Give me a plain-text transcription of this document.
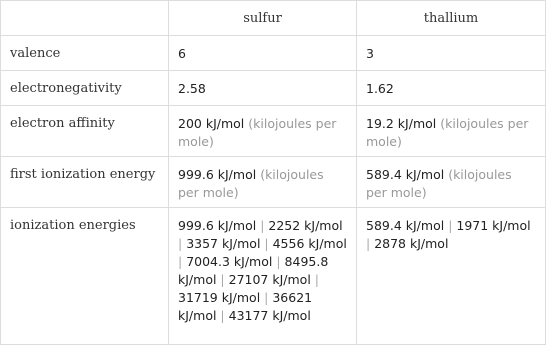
	sulfur	thallium
valence	6	3
electronegativity	2.58	1.62
electron affinity	200 kJ/mol (kilojoules per mole)	19.2 kJ/mol (kilojoules per mole)
first ionization energy	999.6 kJ/mol (kilojoules per mole)	589.4 kJ/mol (kilojoules per mole)
ionization energies	999.6 kJ/mol | 2252 kJ/mol | 3357 kJ/mol | 4556 kJ/mol | 7004.3 kJ/mol | 8495.8 kJ/mol | 27107 kJ/mol | 31719 kJ/mol | 36621 kJ/mol | 43177 kJ/mol	589.4 kJ/mol | 1971 kJ/mol | 2878 kJ/mol
